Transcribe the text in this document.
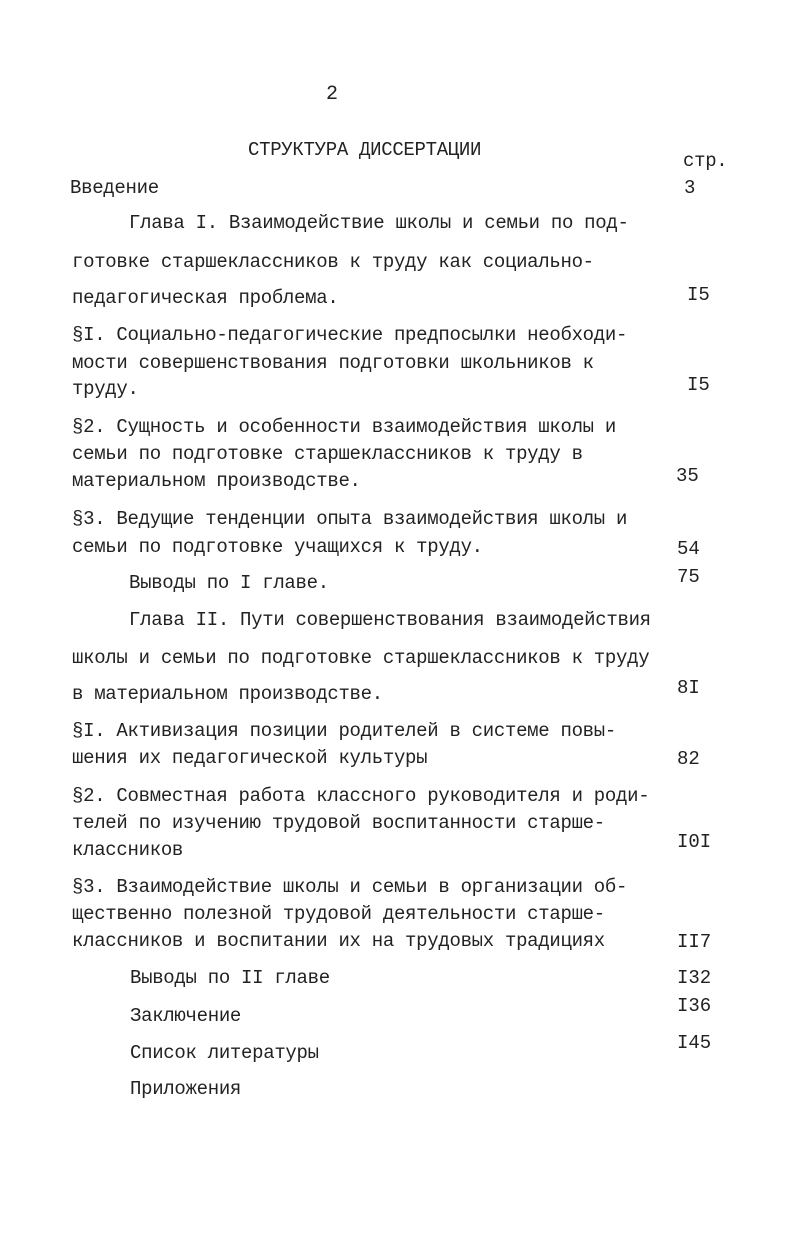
2
СТРУКТУРА ДИССЕРТАЦИИ	стр.
Введение	3
Глава I. Взаимодействие школы и семьи по под-
готовке старшеклассников к труду как социально-
педагогическая проблема.	I5
§I. Социально-педагогические предпосылки необходи-
мости совершенствования подготовки школьников к
труду.	I5
§2. Сущность и особенности взаимодействия школы и
семьи по подготовке старшеклассников к труду в
материальном производстве.	35
§3. Ведущие тенденции опыта взаимодействия школы и
семьи по подготовке учащихся к труду.	54
Выводы по I главе.	75
Глава II. Пути совершенствования взаимодействия
школы и семьи по подготовке старшеклассников к труду
в материальном производстве.	8I
§I. Активизация позиции родителей в системе повы-
шения их педагогической культуры	82
§2. Совместная работа классного руководителя и роди-
телей по изучению трудовой воспитанности старше-
классников	I0I
§3. Взаимодействие школы и семьи в организации об-
щественно полезной трудовой деятельности старше-
классников и воспитании их на трудовых традициях	II7
Выводы по II главе	I32
Заключение	I36
Список литературы	I45
Приложения
